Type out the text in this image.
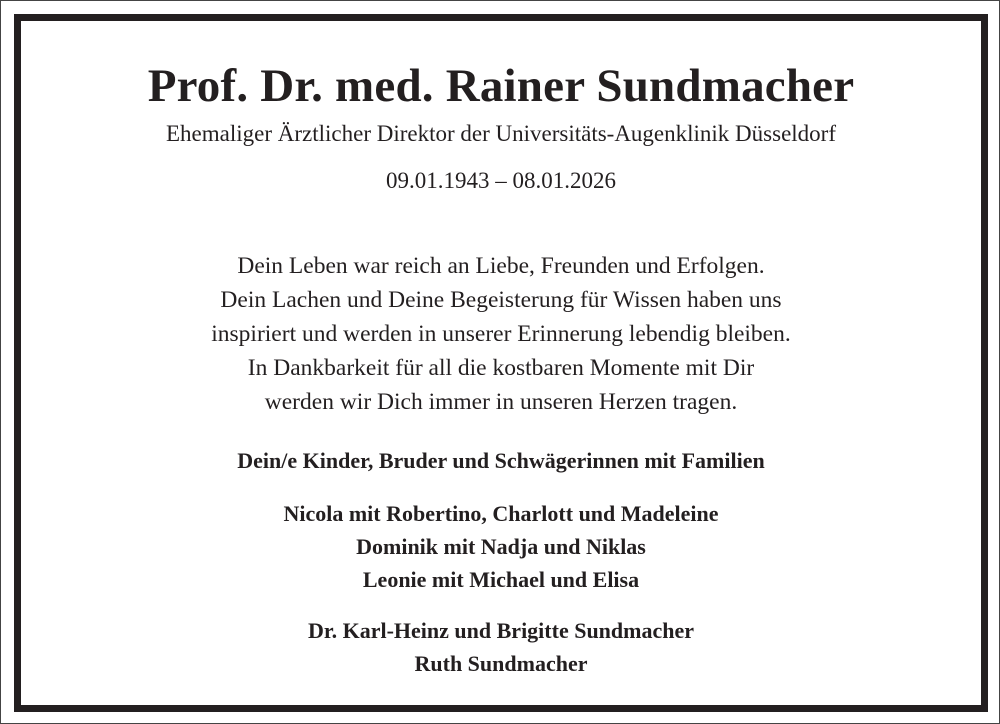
Prof. Dr. med. Rainer Sundmacher
Ehemaliger Ärztlicher Direktor der Universitäts-Augenklinik Düsseldorf
09.01.1943 – 08.01.2026
Dein Leben war reich an Liebe, Freunden und Erfolgen.
Dein Lachen und Deine Begeisterung für Wissen haben uns
inspiriert und werden in unserer Erinnerung lebendig bleiben.
In Dankbarkeit für all die kostbaren Momente mit Dir
werden wir Dich immer in unseren Herzen tragen.
Dein/e Kinder, Bruder und Schwägerinnen mit Familien
Nicola mit Robertino, Charlott und Madeleine
Dominik mit Nadja und Niklas
Leonie mit Michael und Elisa
Dr. Karl-Heinz und Brigitte Sundmacher
Ruth Sundmacher
